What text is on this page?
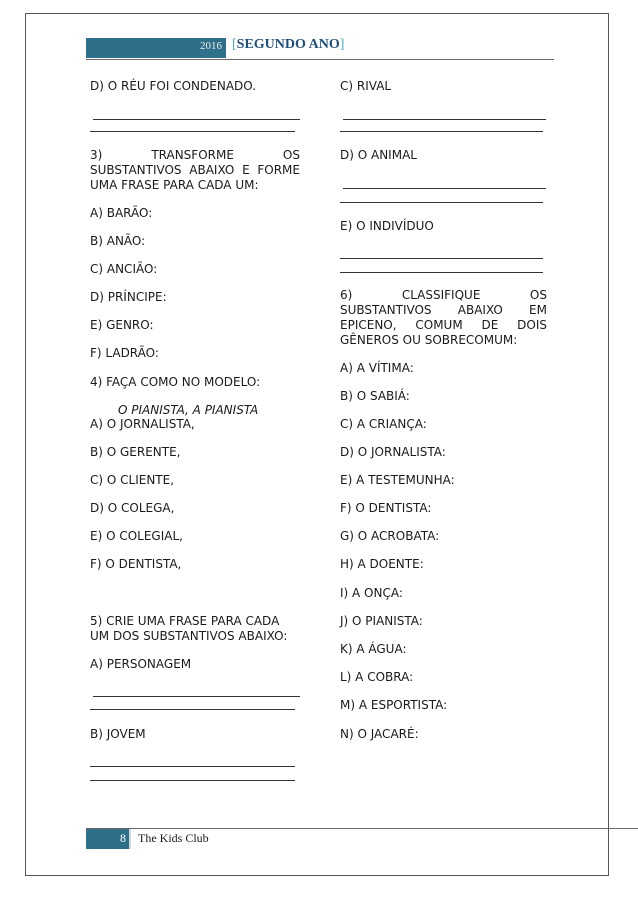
2016 [SEGUNDO ANO]
D) O RÉU FOI CONDENADO.
3) TRANSFORME OS
SUBSTANTIVOS ABAIXO E FORME
UMA FRASE PARA CADA UM:
A) BARÃO:
B) ANÃO:
C) ANCIÃO:
D) PRÍNCIPE:
E) GENRO:
F) LADRÃO:
4) FAÇA COMO NO MODELO:
O PIANISTA, A PIANISTA
A) O JORNALISTA,
B) O GERENTE,
C) O CLIENTE,
D) O COLEGA,
E) O COLEGIAL,
F) O DENTISTA,
5) CRIE UMA FRASE PARA CADA
UM DOS SUBSTANTIVOS ABAIXO:
A) PERSONAGEM
B) JOVEM
C) RIVAL
D) O ANIMAL
E) O INDIVÍDUO
6) CLASSIFIQUE OS
SUBSTANTIVOS ABAIXO EM
EPICENO, COMUM DE DOIS
GÊNEROS OU SOBRECOMUM:
A) A VÍTIMA:
B) O SABIÁ:
C) A CRIANÇA:
D) O JORNALISTA:
E) A TESTEMUNHA:
F) O DENTISTA:
G) O ACROBATA:
H) A DOENTE:
I) A ONÇA:
J) O PIANISTA:
K) A ÁGUA:
L) A COBRA:
M) A ESPORTISTA:
N) O JACARÉ:
8 The Kids Club
